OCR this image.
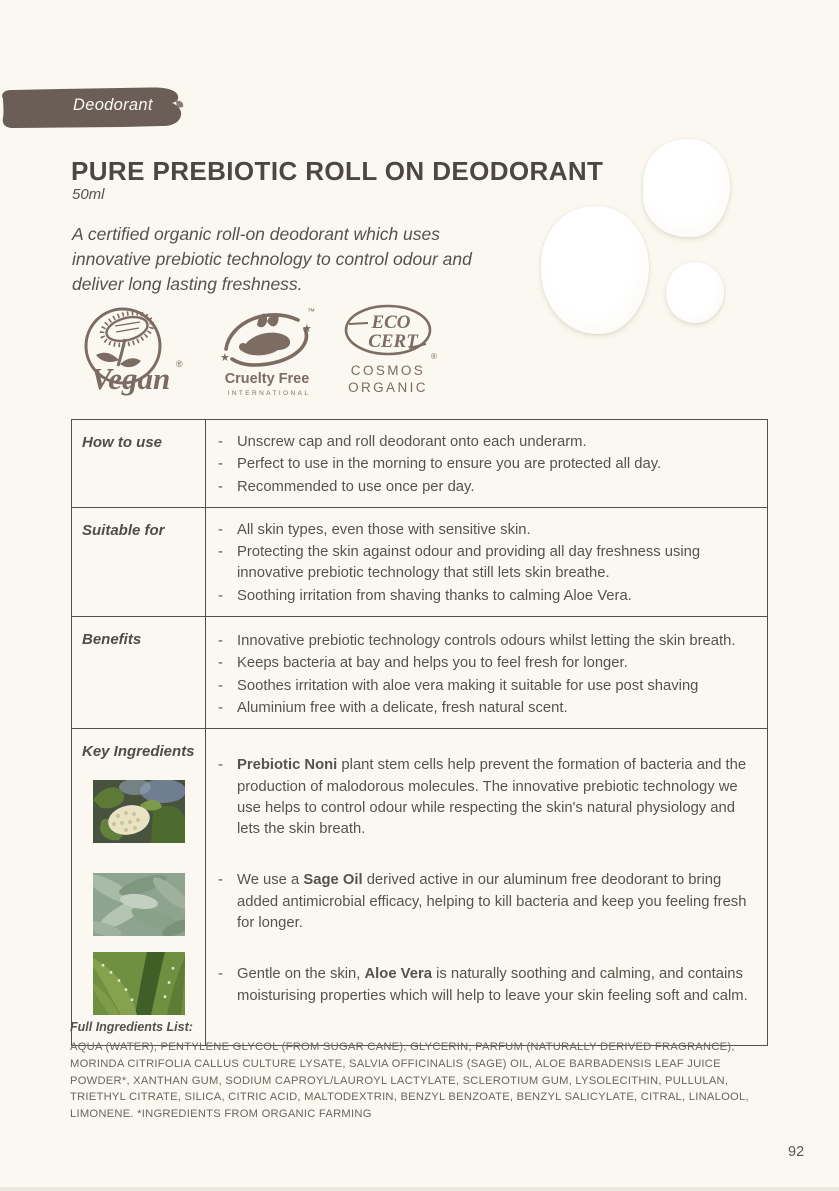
Deodorant
PURE PREBIOTIC ROLL ON DEODORANT
50ml

A certified organic roll-on deodorant which uses innovative prebiotic technology to control odour and deliver long lasting freshness.

Vegan ®	★
★
™
Cruelty Free
INTERNATIONAL
ECO
CERT
®
COSMOS
ORGANIC
How to use	- Unscrew cap and roll deodorant onto each underarm.
- Perfect to use in the morning to ensure you are protected all day.
- Recommended to use once per day.
Suitable for	- All skin types, even those with sensitive skin.
- Protecting the skin against odour and providing all day freshness using innovative prebiotic technology that still lets skin breathe.
- Soothing irritation from shaving thanks to calming Aloe Vera.
Benefits	- Innovative prebiotic technology controls odours whilst letting the skin breath.
- Keeps bacteria at bay and helps you to feel fresh for longer.
- Soothes irritation with aloe vera making it suitable for use post shaving
- Aluminium free with a delicate, fresh natural scent.
Key Ingredients
- Prebiotic Noni plant stem cells help prevent the formation of bacteria and the production of malodorous molecules. The innovative prebiotic technology we use helps to control odour while respecting the skin's natural physiology and lets the skin breath.
- We use a Sage Oil derived active in our aluminum free deodorant to bring added antimicrobial efficacy, helping to kill bacteria and keep you feeling fresh for longer.
- Gentle on the skin, Aloe Vera is naturally soothing and calming, and contains moisturising properties which will help to leave your skin feeling soft and calm.
Full Ingredients List:
AQUA (WATER), PENTYLENE GLYCOL (FROM SUGAR CANE), GLYCERIN, PARFUM (NATURALLY DERIVED FRAGRANCE), MORINDA CITRIFOLIA CALLUS CULTURE LYSATE, SALVIA OFFICINALIS (SAGE) OIL, ALOE BARBADENSIS LEAF JUICE POWDER*, XANTHAN GUM, SODIUM CAPROYL/LAUROYL LACTYLATE, SCLEROTIUM GUM, LYSOLECITHIN, PULLULAN, TRIETHYL CITRATE, SILICA, CITRIC ACID, MALTODEXTRIN, BENZYL BENZOATE, BENZYL SALICYLATE, CITRAL, LINALOOL, LIMONENE. *INGREDIENTS FROM ORGANIC FARMING
92
